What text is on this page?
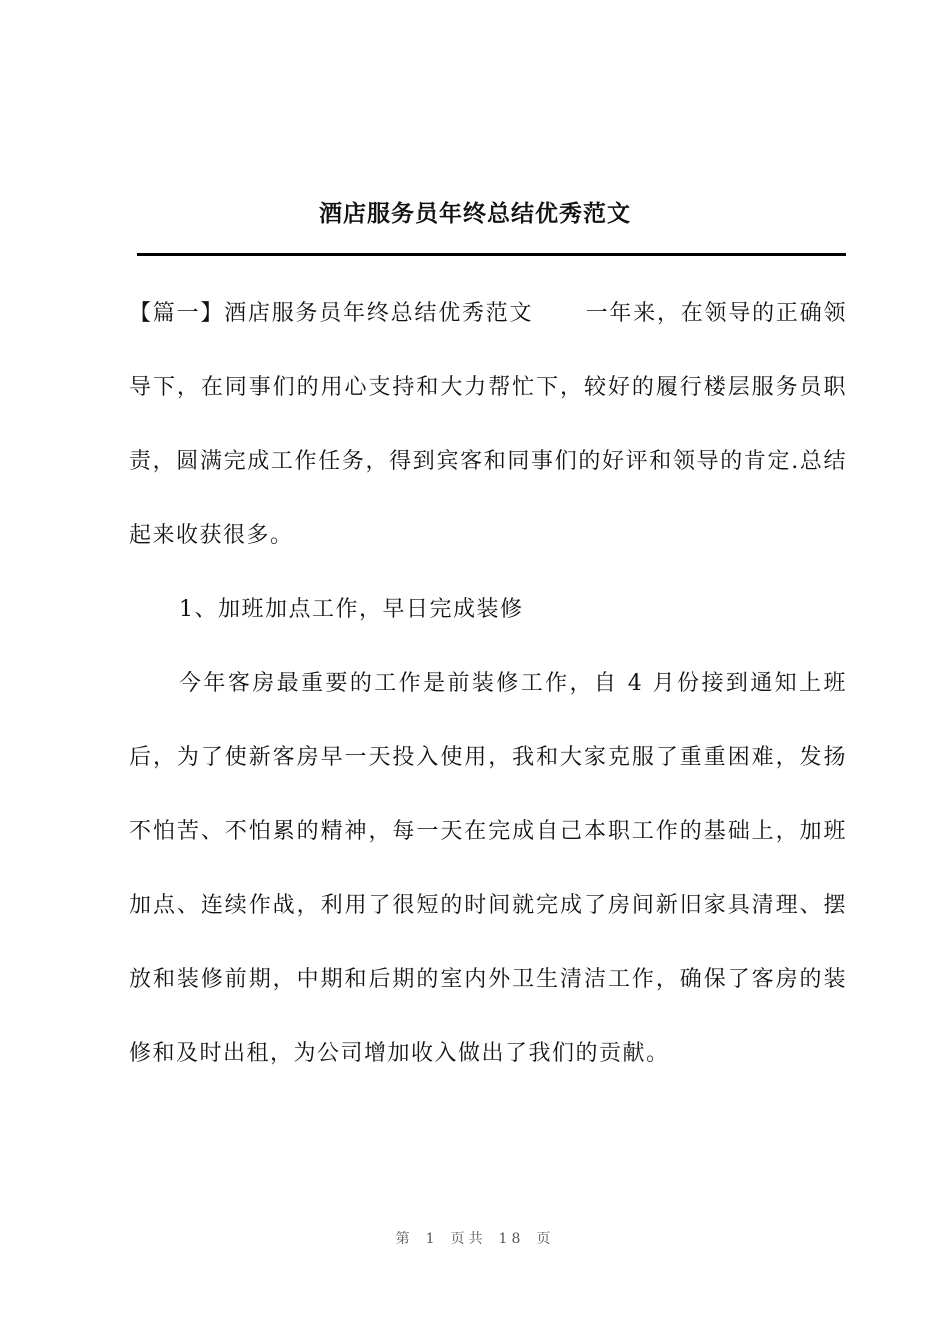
酒店服务员年终总结优秀范文

【篇一】酒店服务员年终总结优秀范文 一年来，在领导的正确领导下，在同事们的用心支持和大力帮忙下，较好的履行楼层服务员职责，圆满完成工作任务，得到宾客和同事们的好评和领导的肯定.总结起来收获很多。

1、加班加点工作，早日完成装修

今年客房最重要的工作是前装修工作，自 4 月份接到通知上班后，为了使新客房早一天投入使用，我和大家克服了重重困难，发扬不怕苦、不怕累的精神，每一天在完成自己本职工作的基础上，加班加点、连续作战，利用了很短的时间就完成了房间新旧家具清理、摆放和装修前期，中期和后期的室内外卫生清洁工作，确保了客房的装修和及时出租，为公司增加收入做出了我们的贡献。

第 1 页共 18 页
